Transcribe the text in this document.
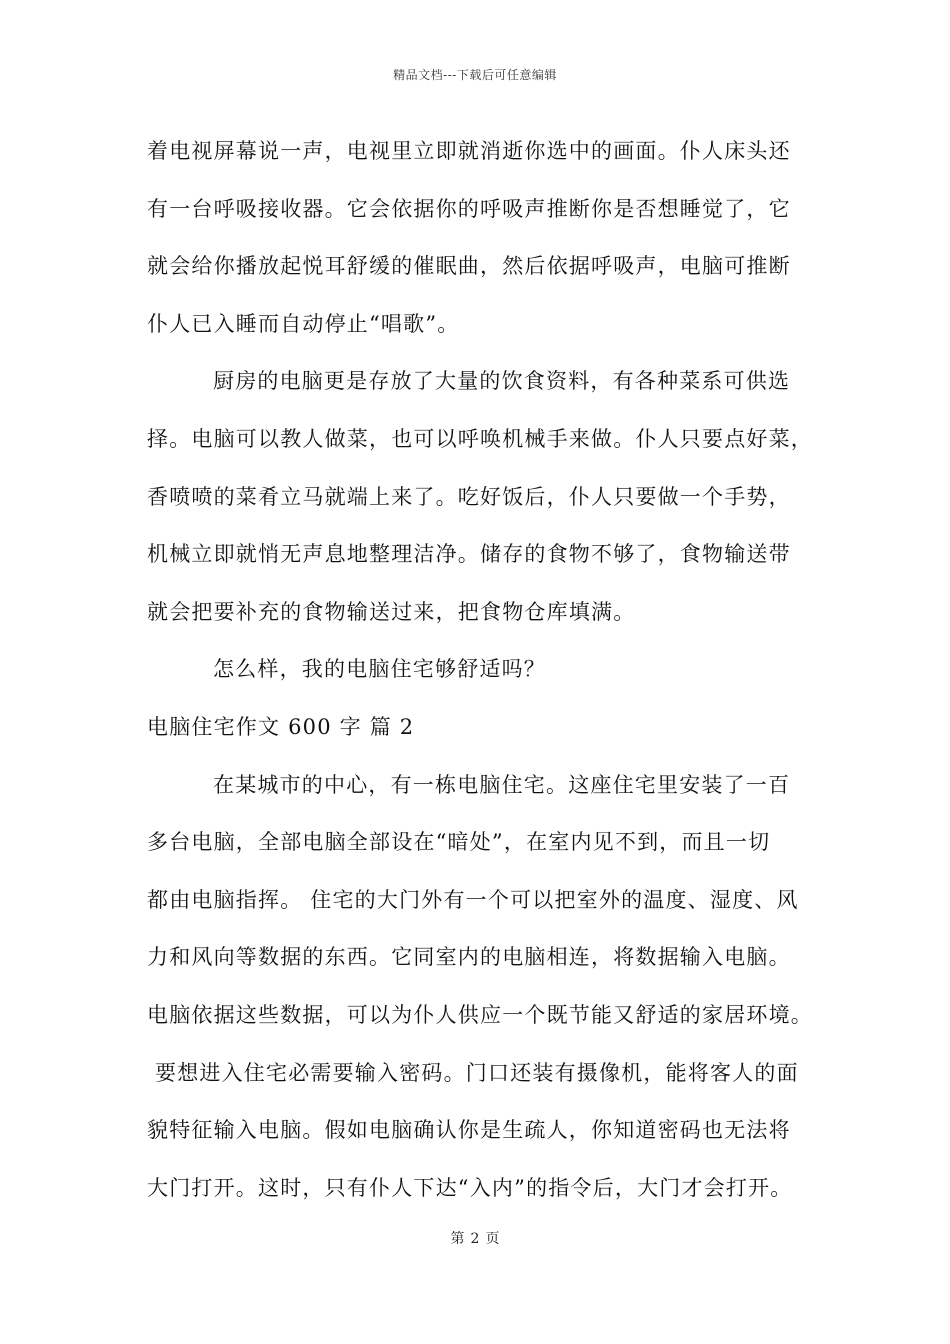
精品文档---下载后可任意编辑
着电视屏幕说一声，电视里立即就消逝你选中的画面。仆人床头还
有一台呼吸接收器。它会依据你的呼吸声推断你是否想睡觉了，它
就会给你播放起悦耳舒缓的催眠曲，然后依据呼吸声，电脑可推断
仆人已入睡而自动停止“唱歌”。
厨房的电脑更是存放了大量的饮食资料，有各种菜系可供选
择。电脑可以教人做菜，也可以呼唤机械手来做。仆人只要点好菜，
香喷喷的菜肴立马就端上来了。吃好饭后，仆人只要做一个手势，
机械立即就悄无声息地整理洁净。储存的食物不够了，食物输送带
就会把要补充的食物输送过来，把食物仓库填满。
怎么样，我的电脑住宅够舒适吗？
电脑住宅作文 600 字 篇 2
在某城市的中心，有一栋电脑住宅。这座住宅里安装了一百
多台电脑，全部电脑全部设在“暗处”，在室内见不到，而且一切
都由电脑指挥。 住宅的大门外有一个可以把室外的温度、湿度、风
力和风向等数据的东西。它同室内的电脑相连，将数据输入电脑。
电脑依据这些数据，可以为仆人供应一个既节能又舒适的家居环境。
要想进入住宅必需要输入密码。门口还装有摄像机，能将客人的面
貌特征输入电脑。假如电脑确认你是生疏人，你知道密码也无法将
大门打开。这时，只有仆人下达“入内”的指令后，大门才会打开。
第 2 页
